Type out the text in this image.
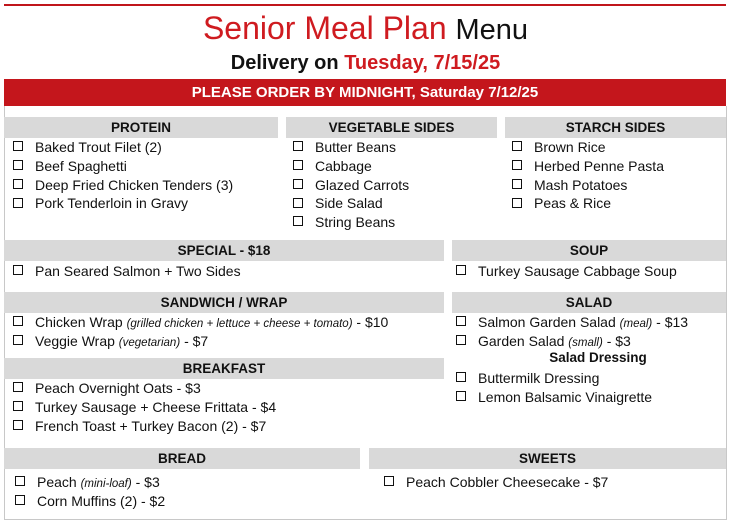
Senior Meal Plan Menu
Delivery on Tuesday, 7/15/25
PLEASE ORDER BY MIDNIGHT, Saturday 7/12/25
PROTEIN
Baked Trout Filet (2)
Beef Spaghetti
Deep Fried Chicken Tenders (3)
Pork Tenderloin in Gravy
VEGETABLE SIDES
Butter Beans
Cabbage
Glazed Carrots
Side Salad
String Beans
STARCH SIDES
Brown Rice
Herbed Penne Pasta
Mash Potatoes
Peas & Rice
SPECIAL - $18
Pan Seared Salmon + Two Sides
SOUP
Turkey Sausage Cabbage Soup
SANDWICH / WRAP
Chicken Wrap (grilled chicken + lettuce + cheese + tomato) - $10
Veggie Wrap (vegetarian) - $7
SALAD
Salmon Garden Salad (meal) - $13
Garden Salad (small) - $3
Salad Dressing
Buttermilk Dressing
Lemon Balsamic Vinaigrette
BREAKFAST
Peach Overnight Oats - $3
Turkey Sausage + Cheese Frittata - $4
French Toast + Turkey Bacon (2) - $7
BREAD
Peach (mini-loaf) - $3
Corn Muffins (2) - $2
SWEETS
Peach Cobbler Cheesecake - $7
